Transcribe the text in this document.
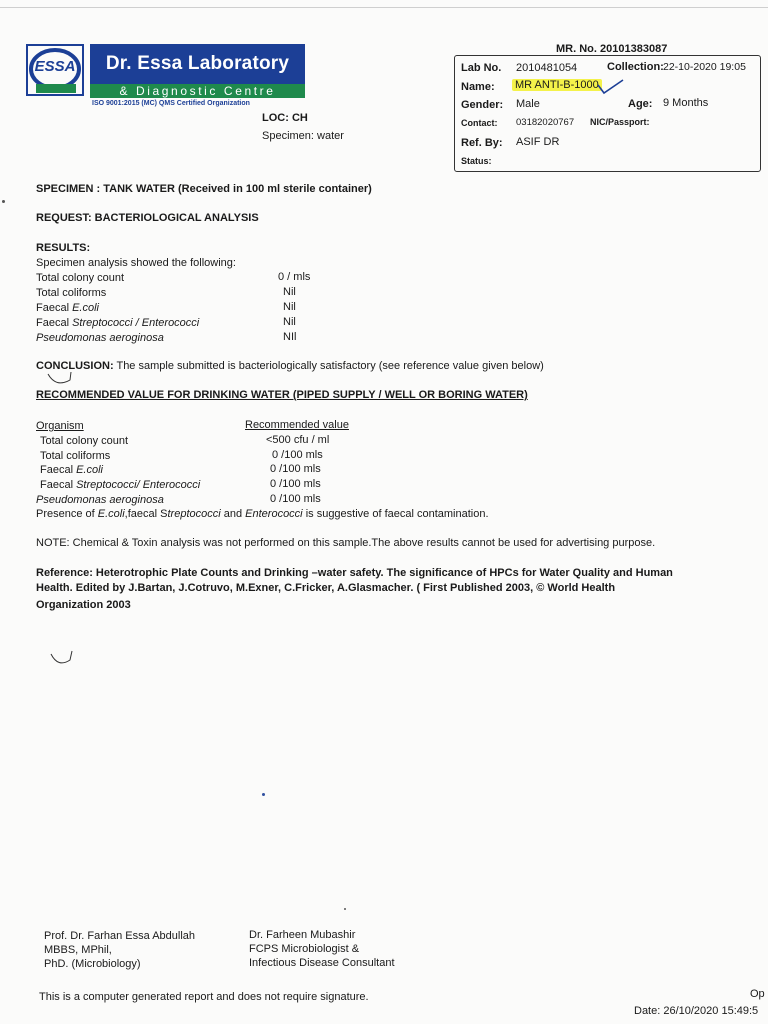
ESSA	Dr. Essa Laboratory
& Diagnostic Centre
ISO 9001:2015 (MC) QMS Certified Organization
LOC: CH
Specimen: water
MR. No. 20101383087
Lab No. 2010481054	Collection: 22-10-2020 19:05
Name: MR ANTI-B-1000
Gender: Male	Age: 9 Months
Contact: 03182020767 NIC/Passport:
Ref. By: ASIF DR
Status:
SPECIMEN : TANK WATER (Received in 100 ml sterile container)
REQUEST: BACTERIOLOGICAL ANALYSIS
RESULTS:
Specimen analysis showed the following:
Total colony count	0 / mls
Total coliforms	Nil
Faecal E.coli	Nil
Faecal Streptococci / Enterococci	Nil
Pseudomonas aeroginosa	NIl
CONCLUSION: The sample submitted is bacteriologically satisfactory (see reference value given below)
RECOMMENDED VALUE FOR DRINKING WATER (PIPED SUPPLY / WELL OR BORING WATER)
Organism	Recommended value
Total colony count	<500 cfu / ml
Total coliforms	0 /100 mls
Faecal E.coli	0 /100 mls
Faecal Streptococci/ Enterococci	0 /100 mls
Pseudomonas aeroginosa	0 /100 mls
Presence of E.coli,faecal Streptococci and Enterococci is suggestive of faecal contamination.
NOTE: Chemical & Toxin analysis was not performed on this sample.The above results cannot be used for advertising purpose.
Reference: Heterotrophic Plate Counts and Drinking –water safety. The significance of HPCs for Water Quality and Human
Health. Edited by J.Bartan, J.Cotruvo, M.Exner, C.Fricker, A.Glasmacher. ( First Published 2003, © World Health
Organization 2003
Prof. Dr. Farhan Essa Abdullah
MBBS, MPhil,
PhD. (Microbiology)
Dr. Farheen Mubashir
FCPS Microbiologist &
Infectious Disease Consultant
This is a computer generated report and does not require signature.	Op
Date: 26/10/2020 15:49:5
